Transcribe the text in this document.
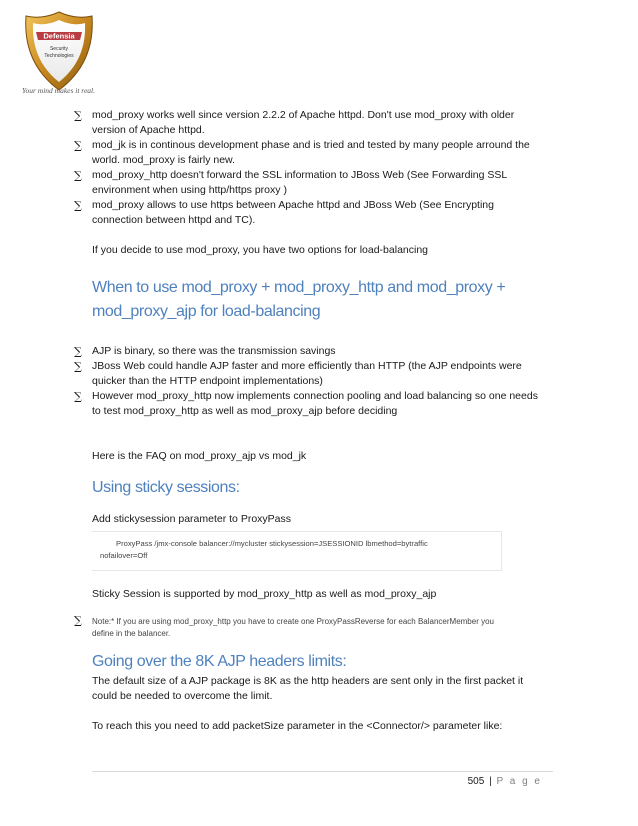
Defensia
Security
Technologies
Your mind makes it real.
∑ mod_proxy works well since version 2.2.2 of Apache httpd. Don't use mod_proxy with older
version of Apache httpd.
∑ mod_jk is in continous development phase and is tried and tested by many people arround the
world. mod_proxy is fairly new.
∑ mod_proxy_http doesn't forward the SSL information to JBoss Web (See Forwarding SSL
environment when using http/https proxy )
∑ mod_proxy allows to use https between Apache httpd and JBoss Web (See Encrypting
connection between httpd and TC).

If you decide to use mod_proxy, you have two options for load-balancing

When to use mod_proxy + mod_proxy_http and mod_proxy +
mod_proxy_ajp for load-balancing
∑ AJP is binary, so there was the transmission savings
∑ JBoss Web could handle AJP faster and more efficiently than HTTP (the AJP endpoints were
quicker than the HTTP endpoint implementations)
∑ However mod_proxy_http now implements connection pooling and load balancing so one needs
to test mod_proxy_http as well as mod_proxy_ajp before deciding

Here is the FAQ on mod_proxy_ajp vs mod_jk

Using sticky sessions:

Add stickysession parameter to ProxyPass

ProxyPass /jmx-console balancer://mycluster stickysession=JSESSIONID lbmethod=bytraffic
nofailover=Off

Sticky Session is supported by mod_proxy_http as well as mod_proxy_ajp

∑ Note:* If you are using mod_proxy_http you have to create one ProxyPassReverse for each BalancerMember you
define in the balancer.
Going over the 8K AJP headers limits:

The default size of a AJP package is 8K as the http headers are sent only in the first packet it
could be needed to overcome the limit.

To reach this you need to add packetSize parameter in the <Connector/> parameter like:

505 | P a g e
